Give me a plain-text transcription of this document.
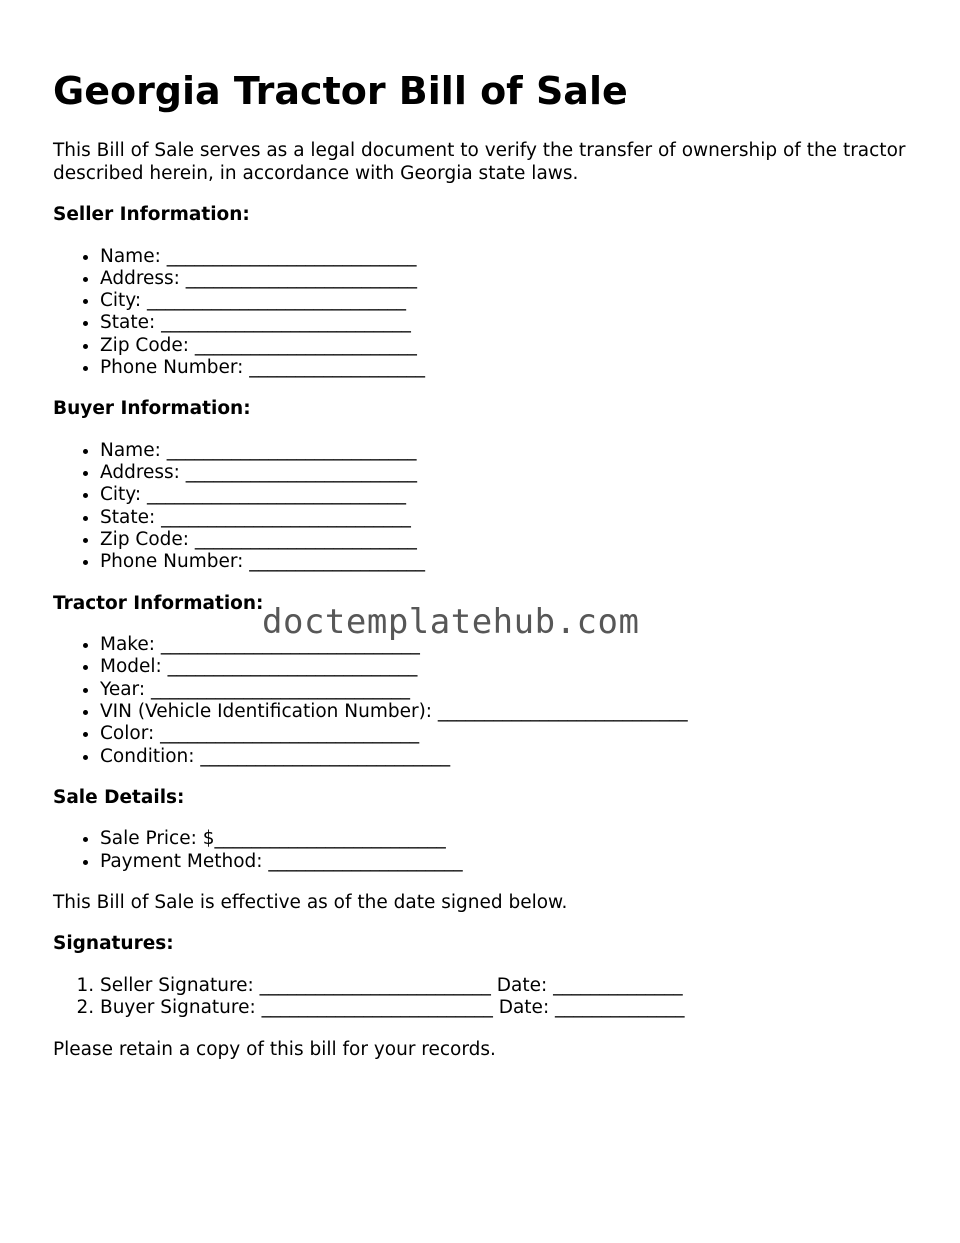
Georgia Tractor Bill of Sale

This Bill of Sale serves as a legal document to verify the transfer of ownership of the tractor described herein, in accordance with Georgia state laws.

Seller Information:

• Name: ___________________________
• Address: _________________________
• City: ____________________________
• State: ___________________________
• Zip Code: ________________________
• Phone Number: ___________________

Buyer Information:

• Name: ___________________________
• Address: _________________________
• City: ____________________________
• State: ___________________________
• Zip Code: ________________________
• Phone Number: ___________________

Tractor Information:

• Make: ____________________________
• Model: ___________________________
• Year: ____________________________
• VIN (Vehicle Identification Number): ___________________________
• Color: ____________________________
• Condition: ___________________________

Sale Details:

• Sale Price: $_________________________
• Payment Method: _____________________

This Bill of Sale is effective as of the date signed below.

Signatures:

1. Seller Signature: _________________________ Date: ______________
2. Buyer Signature: _________________________ Date: ______________

Please retain a copy of this bill for your records.

doctemplatehub.com
